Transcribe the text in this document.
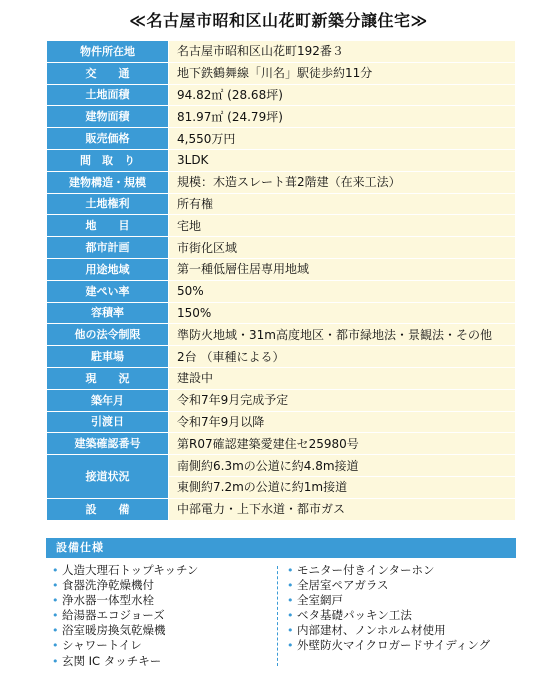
≪名古屋市昭和区山花町新築分譲住宅≫
物件所在地	名古屋市昭和区山花町192番３
交　　通	地下鉄鶴舞線「川名」駅徒歩約11分
土地面積	94.82㎡ (28.68坪)
建物面積	81.97㎡ (24.79坪)
販売価格	4,550万円
間　取　り	3LDK
建物構造・規模	規模：木造スレート葺2階建（在来工法）
土地権利	所有権
地　　目	宅地
都市計画	市街化区域
用途地域	第一種低層住居専用地域
建ぺい率	50%
容積率	150%
他の法令制限	準防火地域・31m高度地区・都市緑地法・景観法・その他
駐車場	2台 （車種による）
現　　況	建設中
築年月	令和7年9月完成予定
引渡日	令和7年9月以降
建築確認番号	第R07確認建築愛建住セ25980号
接道状況	南側約6.3mの公道に約4.8m接道
	東側約7.2mの公道に約1m接道
設　　備	中部電力・上下水道・都市ガス
設備仕様
• 人造大理石トップキッチン
• 食器洗浄乾燥機付
• 浄水器一体型水栓
• 給湯器エコジョーズ
• 浴室暖房換気乾燥機
• シャワートイレ
• 玄関 IC タッチキー
• モニター付きインターホン
• 全居室ペアガラス
• 全室網戸
• ベタ基礎パッキン工法
• 内部建材、ノンホルム材使用
• 外壁防火マイクロガードサイディング
